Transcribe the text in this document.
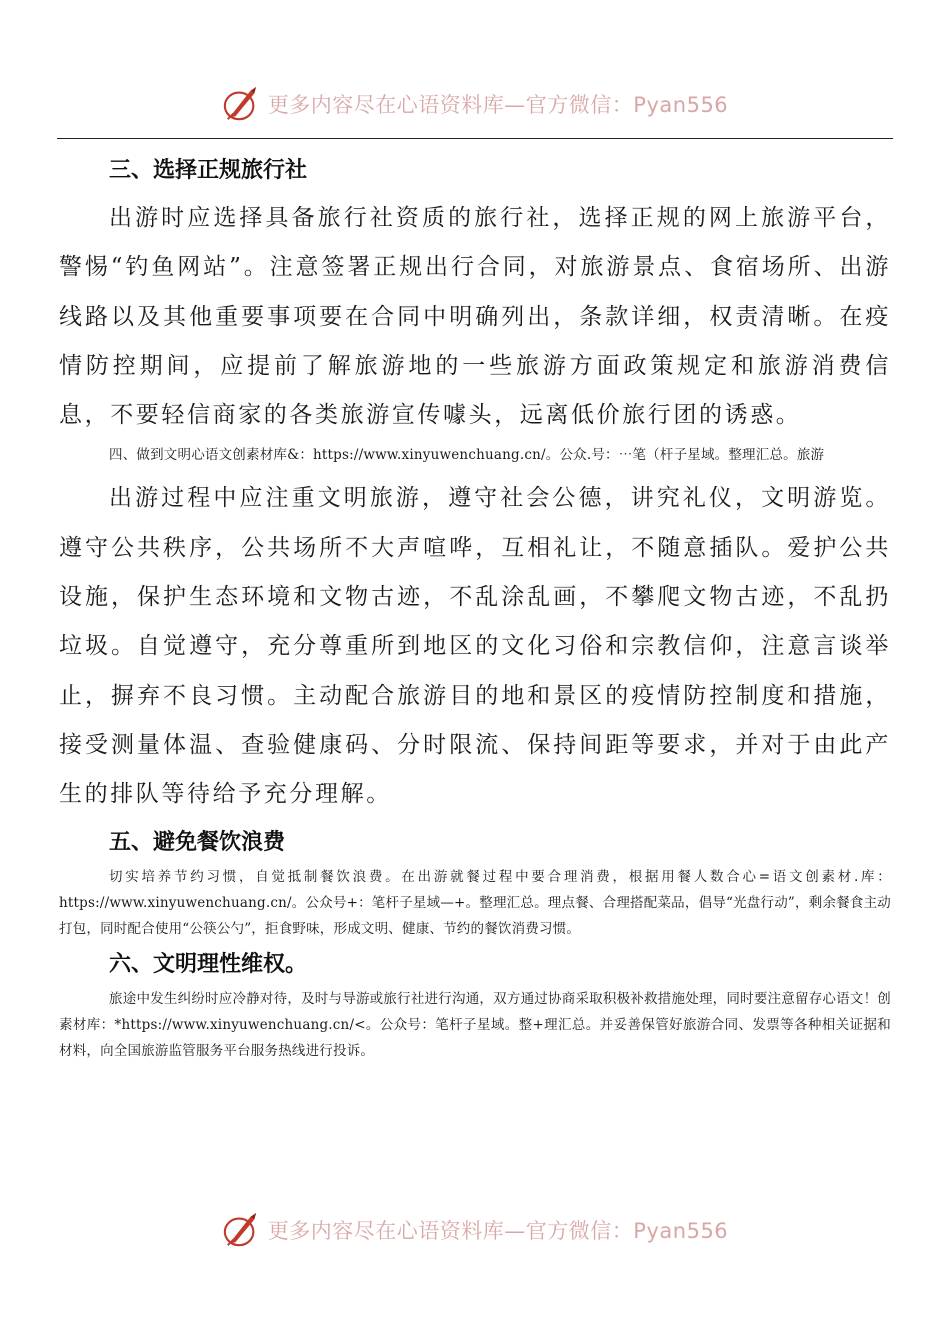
更多内容尽在心语资料库—官方微信：Pyan556
三、选择正规旅行社

出游时应选择具备旅行社资质的旅行社，选择正规的网上旅游平台，警惕“钓鱼网站”。注意签署正规出行合同，对旅游景点、食宿场所、出游线路以及其他重要事项要在合同中明确列出，条款详细，权责清晰。在疫情防控期间，应提前了解旅游地的一些旅游方面政策规定和旅游消费信息，不要轻信商家的各类旅游宣传噱头，远离低价旅行团的诱惑。

四、做到文明心语文创素材库&：https://www.xinyuwenchuang.cn/。公众.号：⋯笔（杆子星域。整理汇总。旅游

出游过程中应注重文明旅游，遵守社会公德，讲究礼仪，文明游览。遵守公共秩序，公共场所不大声喧哗，互相礼让，不随意插队。爱护公共设施，保护生态环境和文物古迹，不乱涂乱画，不攀爬文物古迹，不乱扔垃圾。自觉遵守，充分尊重所到地区的文化习俗和宗教信仰，注意言谈举止，摒弃不良习惯。主动配合旅游目的地和景区的疫情防控制度和措施，接受测量体温、查验健康码、分时限流、保持间距等要求，并对于由此产生的排队等待给予充分理解。

五、避免餐饮浪费

切实培养节约习惯，自觉抵制餐饮浪费。在出游就餐过程中要合理消费，根据用餐人数合心=语文创素材.库：https://www.xinyuwenchuang.cn/。公众号+：笔杆子星域—+。整理汇总。理点餐、合理搭配菜品，倡导“光盘行动”，剩余餐食主动打包，同时配合使用“公筷公勺”，拒食野味，形成文明、健康、节约的餐饮消费习惯。

六、文明理性维权。

旅途中发生纠纷时应冷静对待，及时与导游或旅行社进行沟通，双方通过协商采取积极补救措施处理，同时要注意留存心语文！创素材库：*https://www.xinyuwenchuang.cn/<。公众号：笔杆子星域。整+理汇总。并妥善保管好旅游合同、发票等各种相关证据和材料，向全国旅游监管服务平台服务热线进行投诉。

更多内容尽在心语资料库—官方微信：Pyan556
